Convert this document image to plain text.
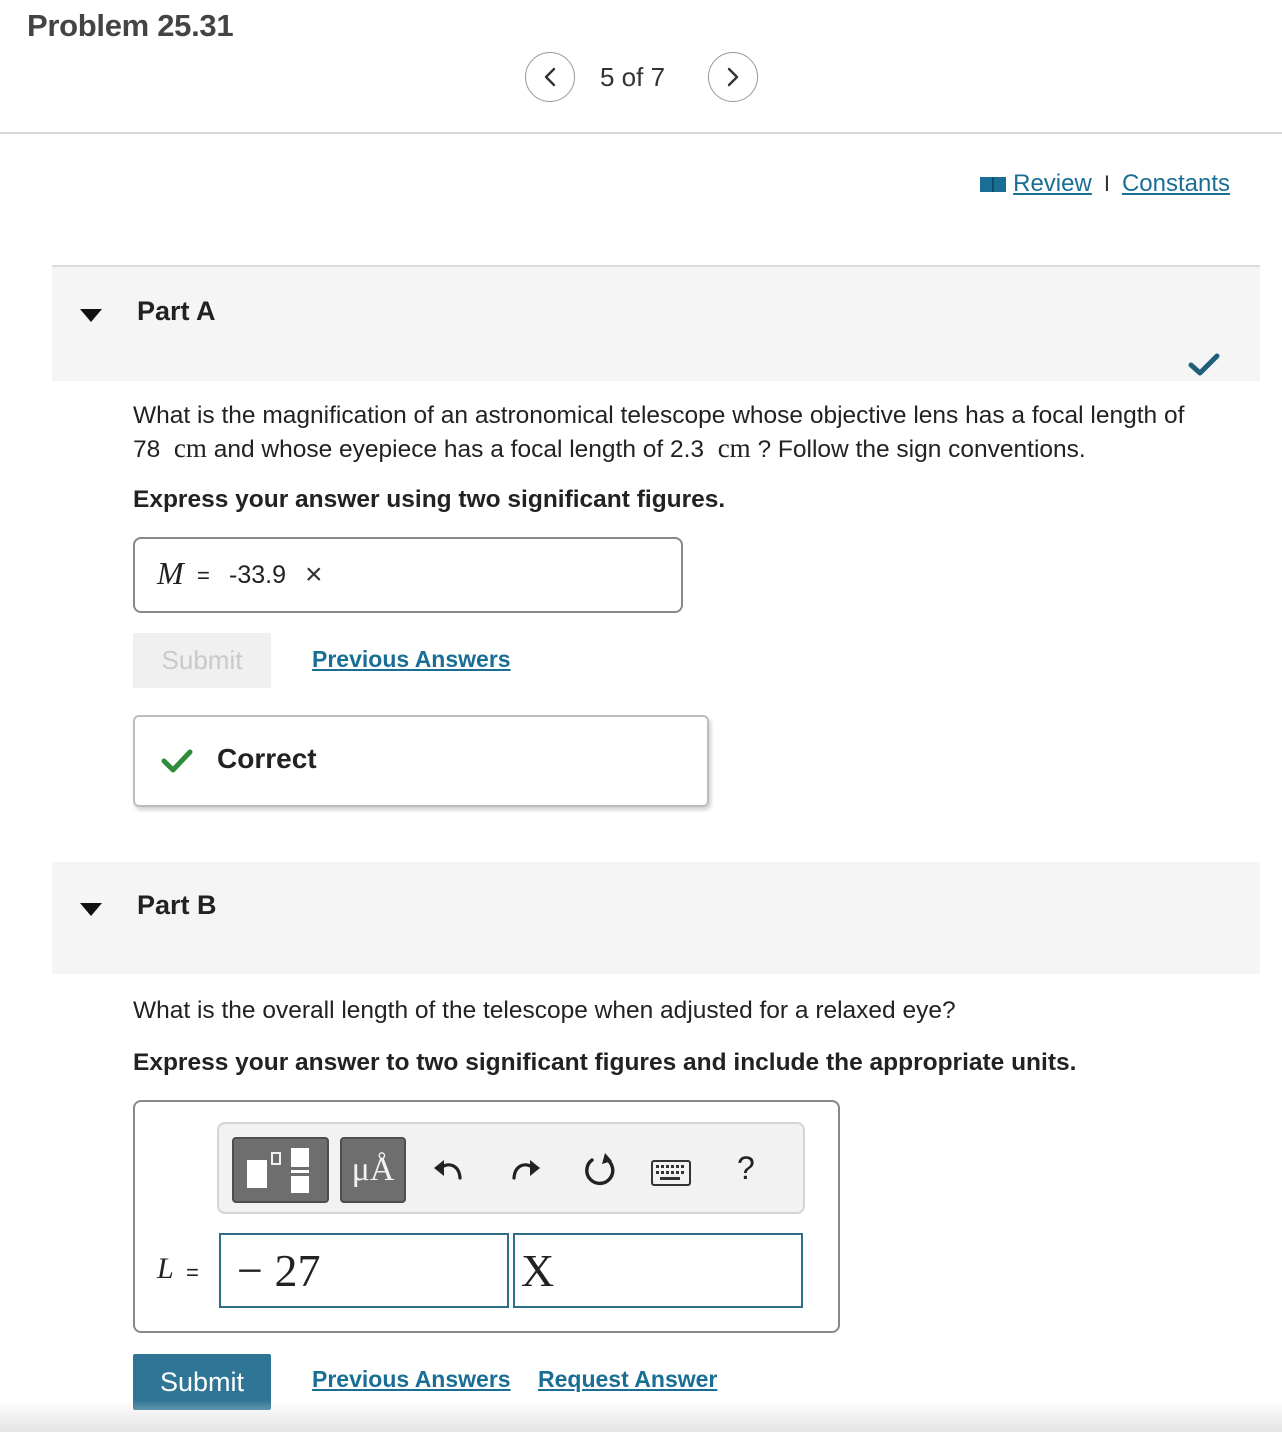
Problem 25.31
5 of 7
Review I Constants
Part A
What is the magnification of an astronomical telescope whose objective lens has a focal length of
78 cm and whose eyepiece has a focal length of 2.3 cm ? Follow the sign conventions.
Express your answer using two significant figures.
M = -33.9 ×
Submit	Previous Answers
Correct
Part B
What is the overall length of the telescope when adjusted for a relaxed eye?
Express your answer to two significant figures and include the appropriate units.
μÅ	?
L = − 27	X
Submit	Previous Answers Request Answer
